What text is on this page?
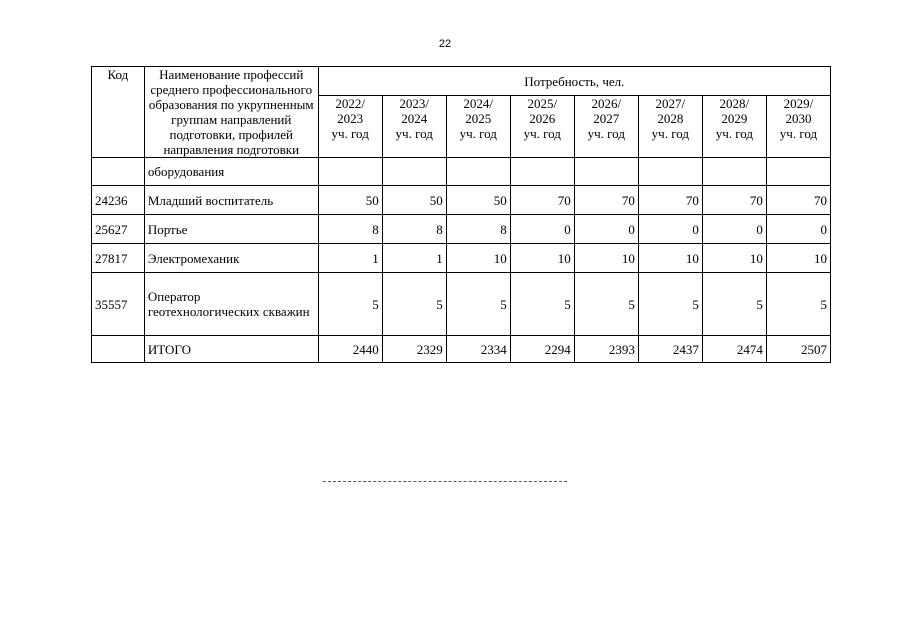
22
Код	Наименование профессий среднего профессионального образования по укрупненным группам направлений подготовки, профилей направления подготовки	Потребность, чел.							

		2022/
2023
уч. год	2023/
2024
уч. год	2024/
2025
уч. год	2025/
2026
уч. год	2026/
2027
уч. год	2027/
2028
уч. год	2028/
2029
уч. год	2029/
2030
уч. год

	оборудования								
24236	Младший воспитатель	50	50	50	70	70	70	70	70
25627	Портье	8	8	8	0	0	0	0	0
27817	Электромеханик	1	1	10	10	10	10	10	10
35557	Оператор геотехнологических скважин	5	5	5	5	5	5	5	5
	ИТОГО	2440	2329	2334	2294	2393	2437	2474	2507
